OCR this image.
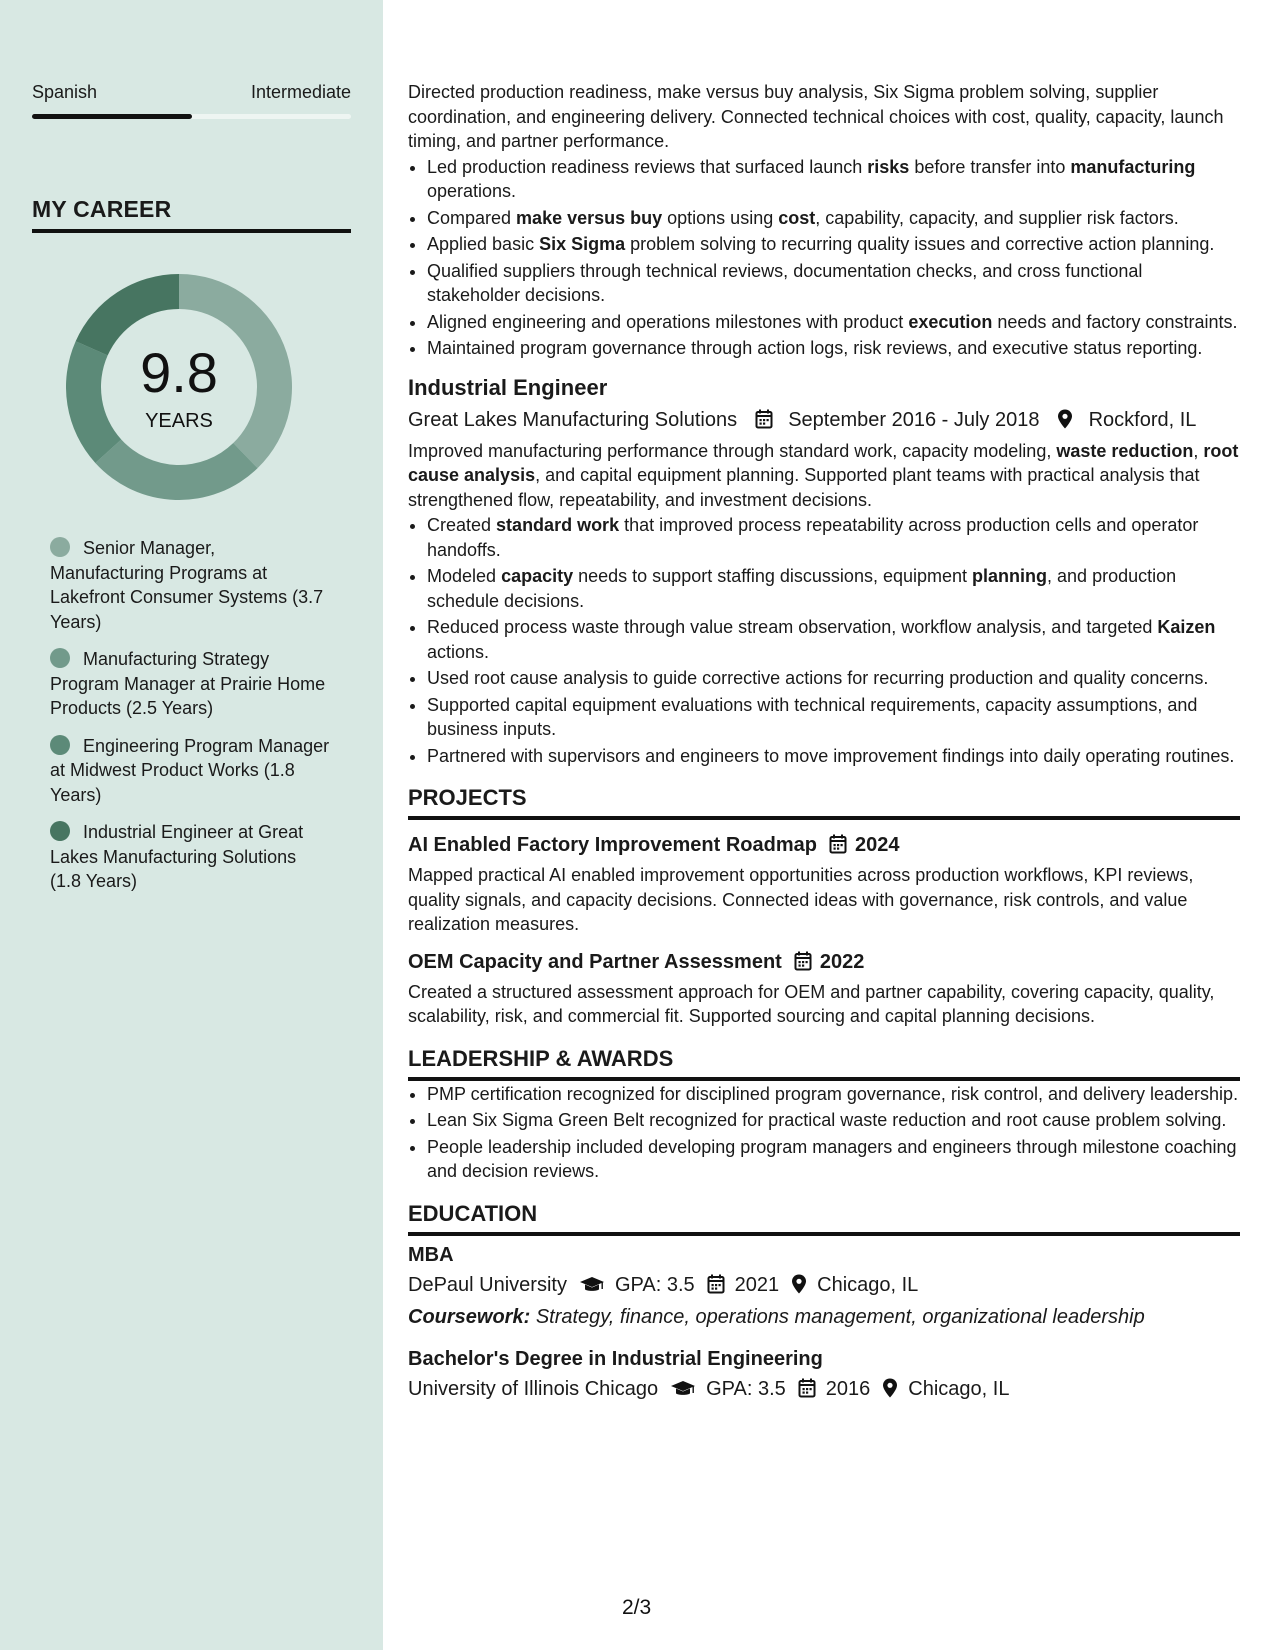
Spanish	Intermediate
MY CAREER
9.8
YEARS
Senior Manager, Manufacturing Programs at Lakefront Consumer Systems (3.7 Years)
Manufacturing Strategy Program Manager at Prairie Home Products (2.5 Years)
Engineering Program Manager at Midwest Product Works (1.8 Years)
Industrial Engineer at Great Lakes Manufacturing Solutions (1.8 Years)

Directed production readiness, make versus buy analysis, Six Sigma problem solving, supplier coordination, and engineering delivery. Connected technical choices with cost, quality, capacity, launch timing, and partner performance.

• Led production readiness reviews that surfaced launch risks before transfer into manufacturing operations.
• Compared make versus buy options using cost, capability, capacity, and supplier risk factors.
• Applied basic Six Sigma problem solving to recurring quality issues and corrective action planning.
• Qualified suppliers through technical reviews, documentation checks, and cross functional stakeholder decisions.
• Aligned engineering and operations milestones with product execution needs and factory constraints.
• Maintained program governance through action logs, risk reviews, and executive status reporting.
Industrial Engineer
Great Lakes Manufacturing Solutions	September 2016 - July 2018 Rockford, IL

Improved manufacturing performance through standard work, capacity modeling, waste reduction, root cause analysis, and capital equipment planning. Supported plant teams with practical analysis that strengthened flow, repeatability, and investment decisions.

• Created standard work that improved process repeatability across production cells and operator handoffs.
• Modeled capacity needs to support staffing discussions, equipment planning, and production schedule decisions.
• Reduced process waste through value stream observation, workflow analysis, and targeted Kaizen actions.
• Used root cause analysis to guide corrective actions for recurring production and quality concerns.
• Supported capital equipment evaluations with technical requirements, capacity assumptions, and business inputs.
• Partnered with supervisors and engineers to move improvement findings into daily operating routines.
PROJECTS
AI Enabled Factory Improvement Roadmap 2024

Mapped practical AI enabled improvement opportunities across production workflows, KPI reviews, quality signals, and capacity decisions. Connected ideas with governance, risk controls, and value realization measures.

OEM Capacity and Partner Assessment 2022

Created a structured assessment approach for OEM and partner capability, covering capacity, quality, scalability, risk, and commercial fit. Supported sourcing and capital planning decisions.

LEADERSHIP & AWARDS
• PMP certification recognized for disciplined program governance, risk control, and delivery leadership.
• Lean Six Sigma Green Belt recognized for practical waste reduction and root cause problem solving.
• People leadership included developing program managers and engineers through milestone coaching and decision reviews.
EDUCATION
MBA
DePaul University GPA: 3.5 2021 Chicago, IL
Coursework: Strategy, finance, operations management, organizational leadership
Bachelor's Degree in Industrial Engineering
University of Illinois Chicago GPA: 3.5 2016 Chicago, IL
2/3
